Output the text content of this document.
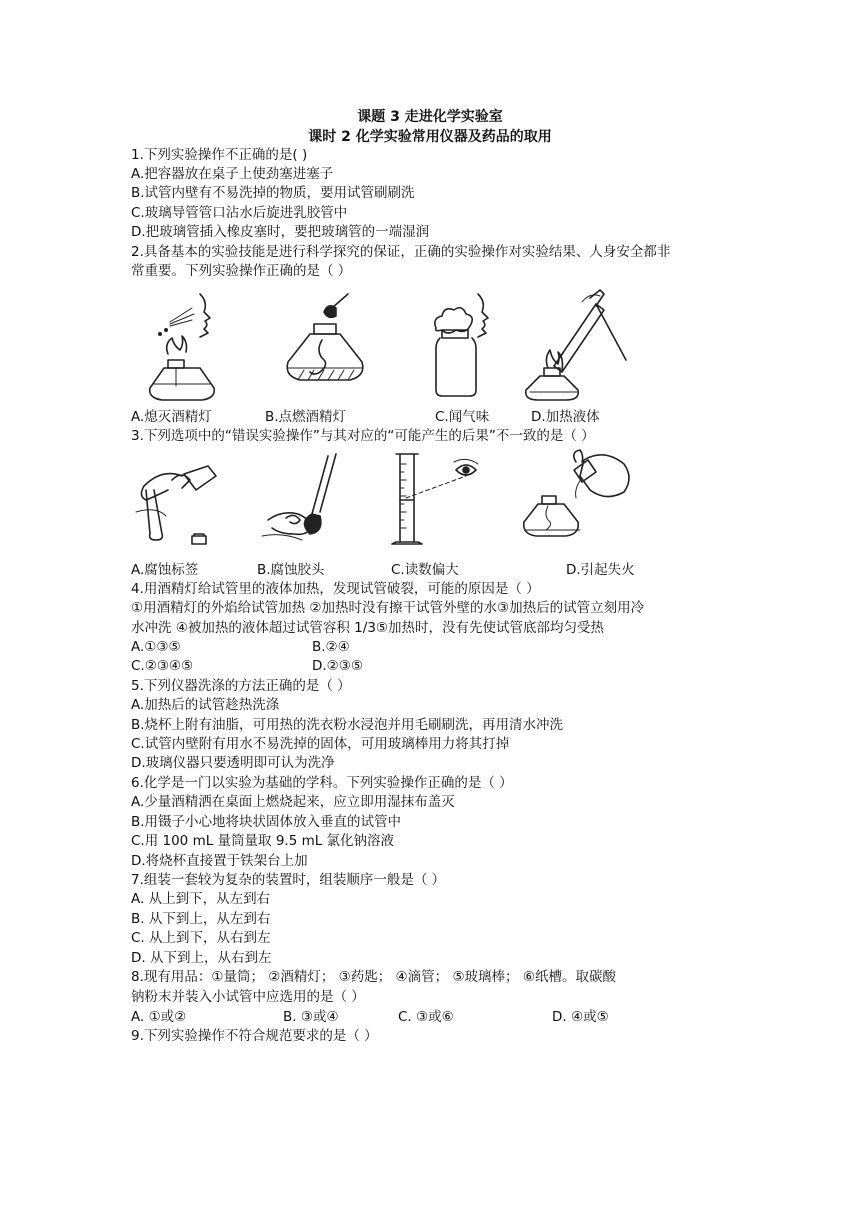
课题 3 走进化学实验室
课时 2 化学实验常用仪器及药品的取用
1.下列实验操作不正确的是( )
A.把容器放在桌子上使劲塞进塞子
B.试管内壁有不易洗掉的物质，要用试管刷刷洗
C.玻璃导管管口沾水后旋进乳胶管中
D.把玻璃管插入橡皮塞时，要把玻璃管的一端湿润
2.具备基本的实验技能是进行科学探究的保证，正确的实验操作对实验结果、人身安全都非
常重要。下列实验操作正确的是（ ）
A.熄灭酒精灯	B.点燃酒精灯	C.闻气味	D.加热液体
3.下列选项中的“错误实验操作”与其对应的“可能产生的后果”不一致的是（ ）
A.腐蚀标签	B.腐蚀胶头	C.读数偏大	D.引起失火
4.用酒精灯给试管里的液体加热，发现试管破裂，可能的原因是（ ）
①用酒精灯的外焰给试管加热 ②加热时没有擦干试管外壁的水③加热后的试管立刻用冷
水冲洗 ④被加热的液体超过试管容积 1/3⑤加热时，没有先使试管底部均匀受热
A.①③⑤	B.②④
C.②③④⑤	D.②③⑤
5.下列仪器洗涤的方法正确的是（ ）
A.加热后的试管趁热洗涤
B.烧杯上附有油脂，可用热的洗衣粉水浸泡并用毛刷刷洗，再用清水冲洗
C.试管内壁附有用水不易洗掉的固体，可用玻璃棒用力将其打掉
D.玻璃仪器只要透明即可认为洗净
6.化学是一门以实验为基础的学科。下列实验操作正确的是（ ）
A.少量酒精洒在桌面上燃烧起来，应立即用湿抹布盖灭
B.用镊子小心地将块状固体放入垂直的试管中
C.用 100 mL 量筒量取 9.5 mL 氯化钠溶液
D.将烧杯直接置于铁架台上加
7.组装一套较为复杂的装置时，组装顺序一般是（ ）
A. 从上到下，从左到右
B. 从下到上，从左到右
C. 从上到下，从右到左
D. 从下到上，从右到左
8.现有用品：①量筒； ②酒精灯； ③药匙； ④滴管； ⑤玻璃棒； ⑥纸槽。取碳酸
钠粉末并装入小试管中应选用的是（ ）
A. ①或②	B. ③或④	C. ③或⑥	D. ④或⑤
9.下列实验操作不符合规范要求的是（ ）
